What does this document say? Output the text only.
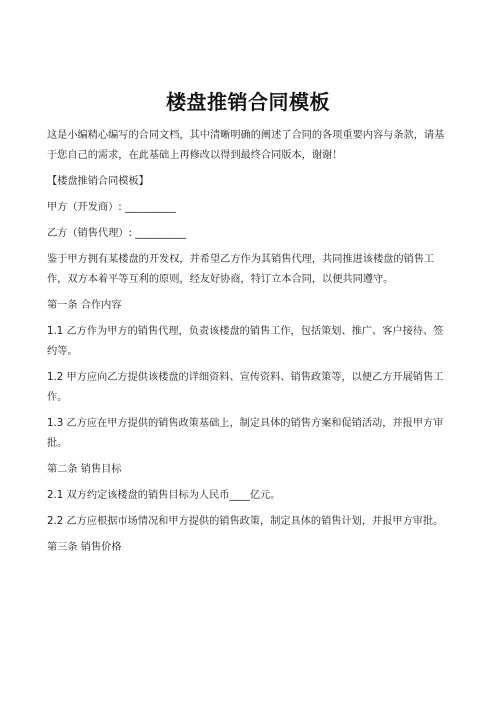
楼盘推销合同模板

这是小编精心编写的合同文档，其中清晰明确的阐述了合同的各项重要内容与条款，请基于您自己的需求，在此基础上再修改以得到最终合同版本，谢谢！

【楼盘推销合同模板】

甲方（开发商）: __________

乙方（销售代理）: __________

鉴于甲方拥有某楼盘的开发权，并希望乙方作为其销售代理，共同推进该楼盘的销售工作，双方本着平等互利的原则，经友好协商，特订立本合同，以便共同遵守。

第一条 合作内容

1.1 乙方作为甲方的销售代理，负责该楼盘的销售工作，包括策划、推广、客户接待、签约等。

1.2 甲方应向乙方提供该楼盘的详细资料、宣传资料、销售政策等，以便乙方开展销售工作。

1.3 乙方应在甲方提供的销售政策基础上，制定具体的销售方案和促销活动，并报甲方审批。

第二条 销售目标

2.1 双方约定该楼盘的销售目标为人民币____亿元。

2.2 乙方应根据市场情况和甲方提供的销售政策，制定具体的销售计划，并报甲方审批。

第三条 销售价格
